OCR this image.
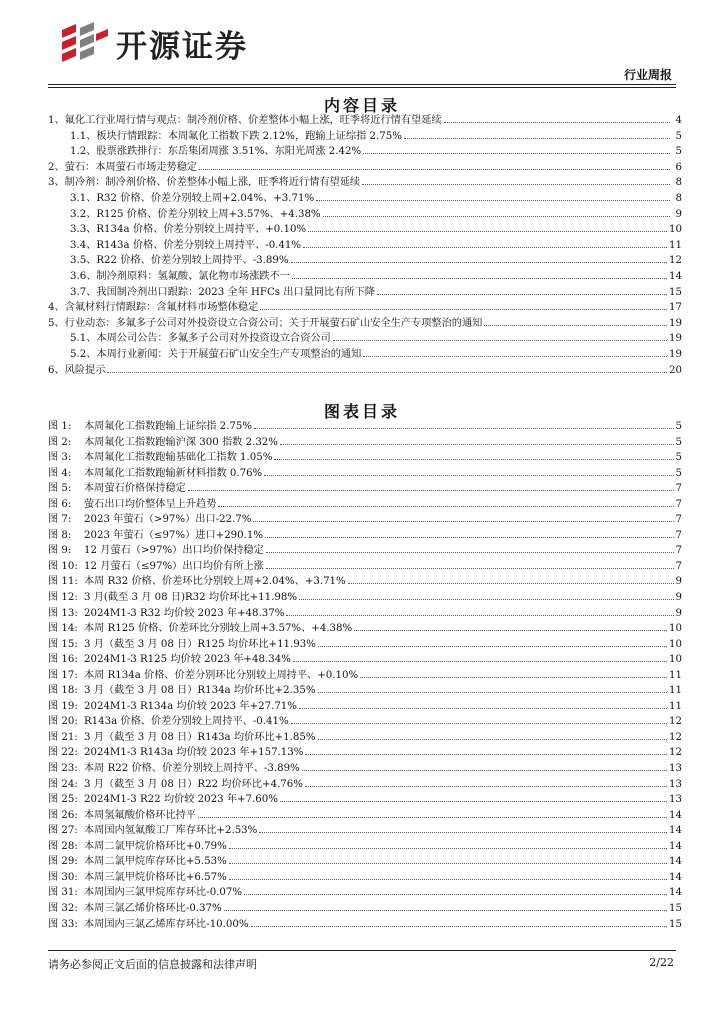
开源证券
行业周报
内容目录
1、 氟化工行业周行情与观点：制冷剂价格、价差整体小幅上涨，旺季将近行情有望延续	4
1.1、 板块行情跟踪：本周氟化工指数下跌 2.12%，跑输上证综指 2.75%	5
1.2、 股票涨跌排行：东岳集团周涨 3.51%、东阳光周涨 2.42%	5
2、 萤石：本周萤石市场走势稳定	6
3、 制冷剂：制冷剂价格、价差整体小幅上涨，旺季将近行情有望延续	8
3.1、 R32 价格、价差分别较上周+2.04%、+3.71%	8
3.2、 R125 价格、价差分别较上周+3.57%、+4.38%	9
3.3、 R134a 价格、价差分别较上周持平、+0.10%	10
3.4、 R143a 价格、价差分别较上周持平、-0.41%	11
3.5、 R22 价格、价差分别较上周持平、-3.89%	12
3.6、 制冷剂原料：氢氟酸、氯化物市场涨跌不一	14
3.7、 我国制冷剂出口跟踪：2023 全年 HFCs 出口量同比有所下降	15
4、 含氟材料行情跟踪：含氟材料市场整体稳定	17
5、 行业动态：多氟多子公司对外投资设立合资公司；关于开展萤石矿山安全生产专项整治的通知	19
5.1、 本周公司公告：多氟多子公司对外投资设立合资公司	19
5.2、 本周行业新闻：关于开展萤石矿山安全生产专项整治的通知	19
6、 风险提示	20
图表目录
图 1:	本周氟化工指数跑输上证综指 2.75%	5
图 2:	本周氟化工指数跑输沪深 300 指数 2.32%	5
图 3:	本周氟化工指数跑输基础化工指数 1.05%	5
图 4:	本周氟化工指数跑输新材料指数 0.76%	5
图 5:	本周萤石价格保持稳定	7
图 6:	萤石出口均价整体呈上升趋势	7
图 7:	2023 年萤石（>97%）出口-22.7%	7
图 8:	2023 年萤石（≤97%）进口+290.1%	7
图 9:	12 月萤石（>97%）出口均价保持稳定	7
图 10: 12 月萤石（≤97%）出口均价有所上涨	7
图 11: 本周 R32 价格、价差环比分别较上周+2.04%、+3.71%	9
图 12: 3 月(截至 3 月 08 日)R32 均价环比+11.98%	9
图 13: 2024M1-3 R32 均价较 2023 年+48.37%	9
图 14: 本周 R125 价格、价差环比分别较上周+3.57%、+4.38%	10
图 15: 3 月（截至 3 月 08 日）R125 均价环比+11.93%	10
图 16: 2024M1-3 R125 均价较 2023 年+48.34%	10
图 17: 本周 R134a 价格、价差分别环比分别较上周持平、+0.10%	11
图 18: 3 月（截至 3 月 08 日）R134a 均价环比+2.35%	11
图 19: 2024M1-3 R134a 均价较 2023 年+27.71%	11
图 20: R143a 价格、价差分别较上周持平、-0.41%	12
图 21: 3 月（截至 3 月 08 日）R143a 均价环比+1.85%	12
图 22: 2024M1-3 R143a 均价较 2023 年+157.13%	12
图 23: 本周 R22 价格、价差分别较上周持平、-3.89%	13
图 24: 3 月（截至 3 月 08 日）R22 均价环比+4.76%	13
图 25: 2024M1-3 R22 均价较 2023 年+7.60%	13
图 26: 本周氢氟酸价格环比持平	14
图 27: 本周国内氢氟酸工厂库存环比+2.53%	14
图 28: 本周二氯甲烷价格环比+0.79%	14
图 29: 本周二氯甲烷库存环比+5.53%	14
图 30: 本周三氯甲烷价格环比+6.57%	14
图 31: 本周国内三氯甲烷库存环比-0.07%	14
图 32: 本周三氯乙烯价格环比-0.37%	15
图 33: 本周国内三氯乙烯库存环比-10.00%	15
请务必参阅正文后面的信息披露和法律声明	2/22
